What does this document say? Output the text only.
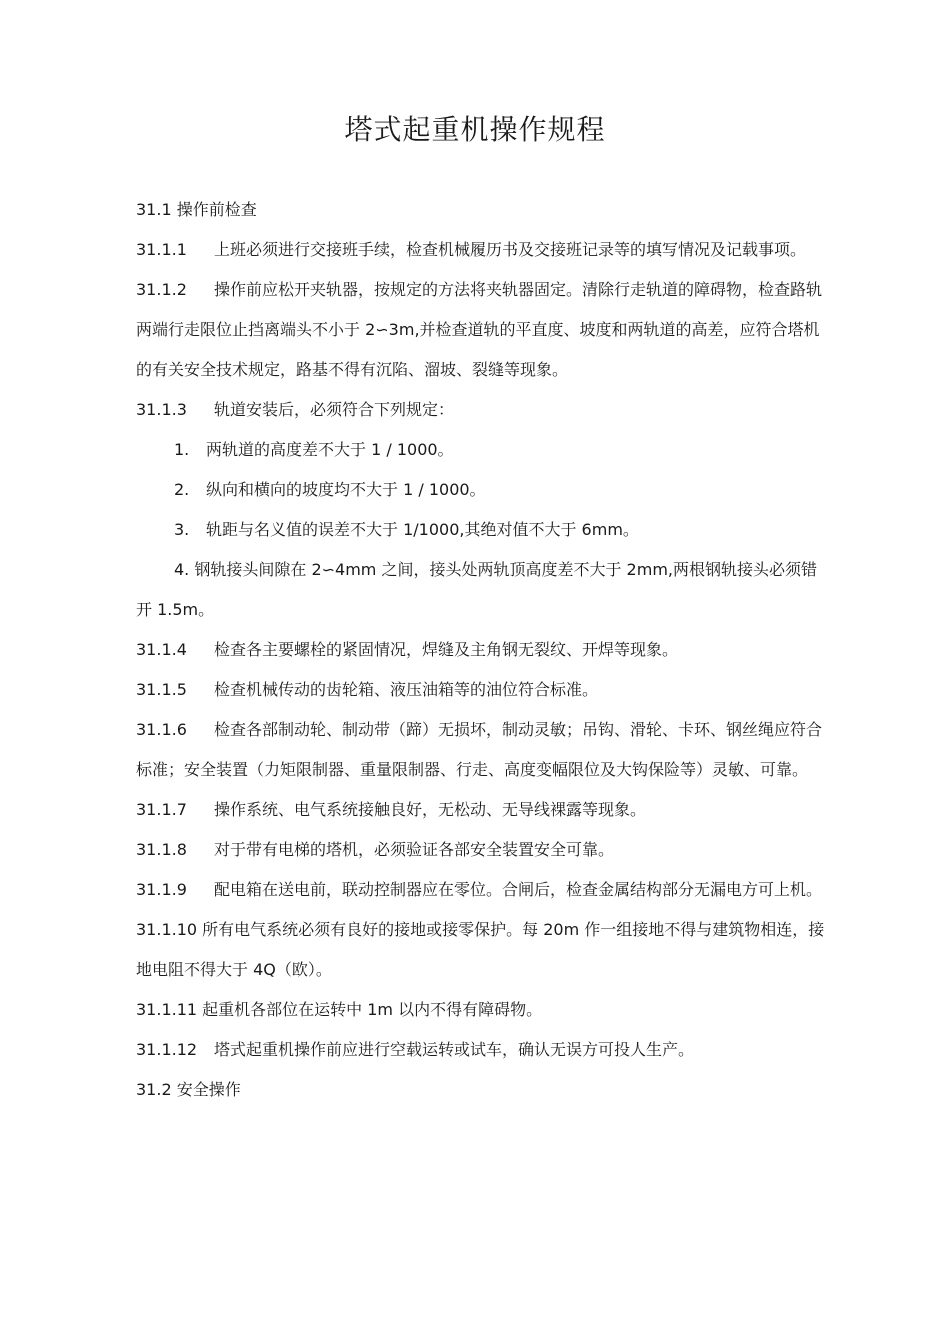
塔式起重机操作规程

31.1 操作前检查

31.1.1 上班必须进行交接班手续，检查机械履历书及交接班记录等的填写情况及记载事项。

31.1.2 操作前应松开夹轨器，按规定的方法将夹轨器固定。清除行走轨道的障碍物，检查路轨两端行走限位止挡离端头不小于 2∽3m,并检查道轨的平直度、坡度和两轨道的高差，应符合塔机的有关安全技术规定，路基不得有沉陷、溜坡、裂缝等现象。

31.1.3 轨道安装后，必须符合下列规定：

1. 两轨道的高度差不大于 1 / 1000。

2. 纵向和横向的坡度均不大于 1 / 1000。

3. 轨距与名义值的误差不大于 1/1000,其绝对值不大于 6mm。

4. 钢轨接头间隙在 2∽4mm 之间，接头处两轨顶高度差不大于 2mm,两根钢轨接头必须错开 1.5m。

31.1.4 检查各主要螺栓的紧固情况，焊缝及主角钢无裂纹、开焊等现象。

31.1.5 检查机械传动的齿轮箱、液压油箱等的油位符合标准。

31.1.6 检查各部制动轮、制动带（蹄）无损坏，制动灵敏；吊钩、滑轮、卡环、钢丝绳应符合标准；安全装置（力矩限制器、重量限制器、行走、高度变幅限位及大钩保险等）灵敏、可靠。

31.1.7 操作系统、电气系统接触良好，无松动、无导线裸露等现象。

31.1.8 对于带有电梯的塔机，必须验证各部安全装置安全可靠。

31.1.9 配电箱在送电前，联动控制器应在零位。合闸后，检查金属结构部分无漏电方可上机。

31.1.10 所有电气系统必须有良好的接地或接零保护。每 20m 作一组接地不得与建筑物相连，接地电阻不得大于 4Q（欧）。

31.1.11 起重机各部位在运转中 1m 以内不得有障碍物。

31.1.12 塔式起重机操作前应进行空载运转或试车，确认无误方可投人生产。

31.2 安全操作
